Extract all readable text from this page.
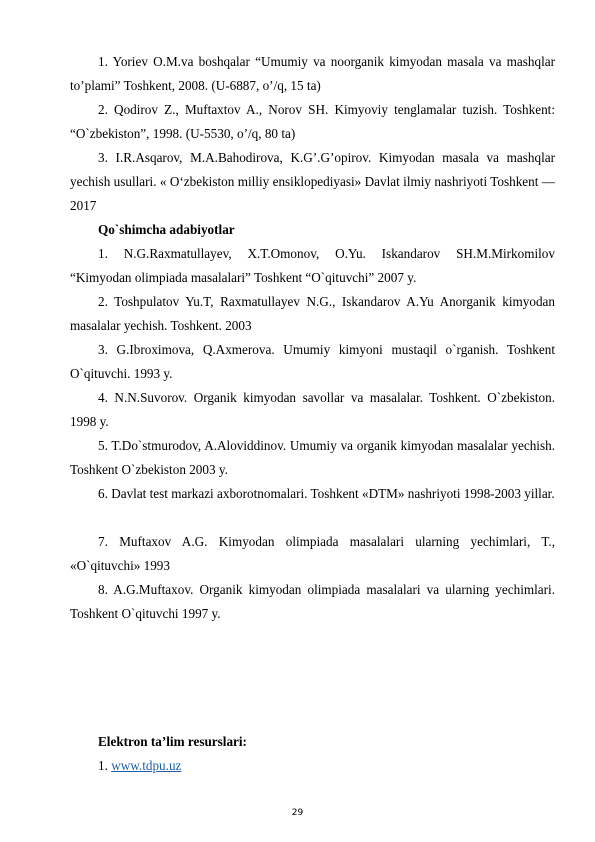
1. Yoriev O.M.va boshqalar “Umumiy va noorganik kimyodan masala va mashqlar to’plami” Toshkent, 2008. (U-6887, o’/q, 15 ta)

2. Qodirov Z., Muftaxtov A., Norov SH. Kimyoviy tenglamalar tuzish. Toshkent: “O`zbekiston”, 1998. (U-5530, o’/q, 80 ta)

3. I.R.Asqarov, M.A.Bahodirova, K.G’.G’opirov. Kimyodan masala va mashqlar yechish usullari. « O‘zbekiston milliy ensiklopediyasi» Davlat ilmiy nashriyoti Toshkent — 2017

Qo`shimcha adabiyotlar

1. N.G.Raxmatullayev, X.T.Omonov, O.Yu. Iskandarov SH.M.Mirkomilov “Kimyodan olimpiada masalalari” Toshkent “O`qituvchi” 2007 y.

2. Toshpulatov Yu.T, Raxmatullayev N.G., Iskandarov A.Yu Anorganik kimyodan masalalar yechish. Toshkent. 2003

3. G.Ibroximova, Q.Axmerova. Umumiy kimyoni mustaqil o`rganish. Toshkent O`qituvchi. 1993 y.

4. N.N.Suvorov. Organik kimyodan savollar va masalalar. Toshkent. O`zbekiston. 1998 y.

5. T.Do`stmurodov, A.Aloviddinov. Umumiy va organik kimyodan masalalar yechish. Toshkent O`zbekiston 2003 y.

6. Davlat test markazi axborotnomalari. Toshkent «DTM» nashriyoti 1998-2003 yillar.

7. Muftaxov A.G. Kimyodan olimpiada masalalari ularning yechimlari, T., «O`qituvchi» 1993

8. A.G.Muftaxov. Organik kimyodan olimpiada masalalari va ularning yechimlari. Toshkent O`qituvchi 1997 y.

Elektron ta’lim resurslari:

1. www.tdpu.uz

29
